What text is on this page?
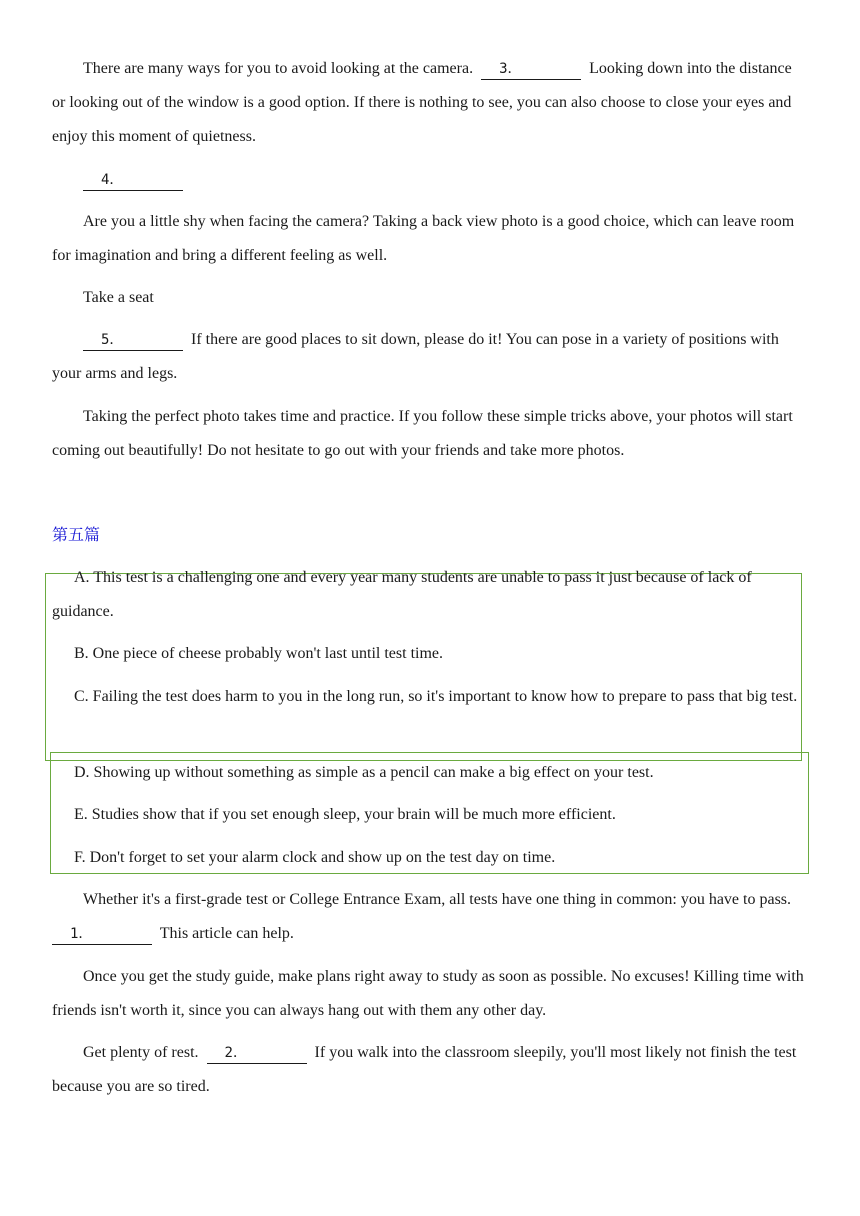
There are many ways for you to avoid looking at the camera. 3．	Looking down into the distance or looking out of the window is a good option. If there is nothing to see, you can also choose to close your eyes and enjoy this moment of quietness.

4．

Are you a little shy when facing the camera? Taking a back view photo is a good choice, which can leave room for imagination and bring a different feeling as well.

Take a seat

5．	If there are good places to sit down, please do it! You can pose in a variety of positions with your arms and legs.

Taking the perfect photo takes time and practice. If you follow these simple tricks above, your photos will start coming out beautifully! Do not hesitate to go out with your friends and take more photos.

第五篇

A. This test is a challenging one and every year many students are unable to pass it just because of lack of guidance.

B. One piece of cheese probably won't last until test time.

C. Failing the test does harm to you in the long run, so it's important to know how to prepare to pass that big test.

D. Showing up without something as simple as a pencil can make a big effect on your test.

E. Studies show that if you set enough sleep, your brain will be much more efficient.

F. Don't forget to set your alarm clock and show up on the test day on time.

Whether it's a first-grade test or College Entrance Exam, all tests have one thing in common: you have to pass.  1．	This article can help.

Once you get the study guide, make plans right away to study as soon as possible. No excuses! Killing time with friends isn't worth it, since you can always hang out with them any other day.

Get plenty of rest. 2．	If you walk into the classroom sleepily, you'll most likely not finish the test because you are so tired.
